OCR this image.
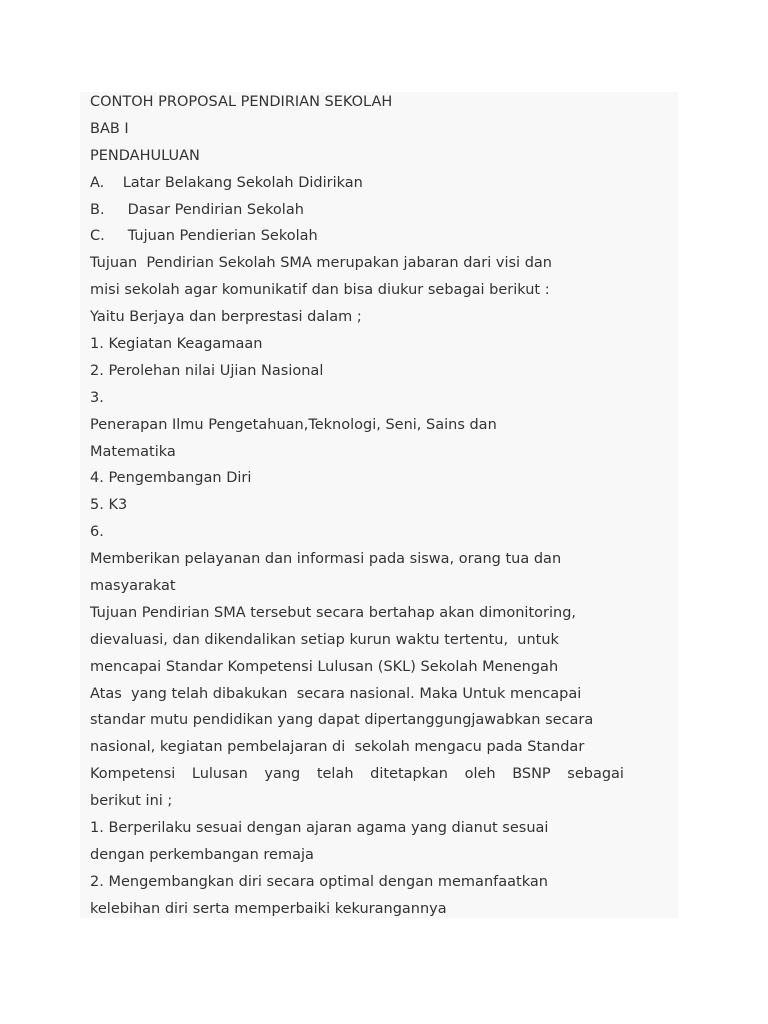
CONTOH PROPOSAL PENDIRIAN SEKOLAH
BAB I
PENDAHULUAN
A.    Latar Belakang Sekolah Didirikan
B.     Dasar Pendirian Sekolah
C.     Tujuan Pendierian Sekolah
Tujuan  Pendirian Sekolah SMA merupakan jabaran dari visi dan
misi sekolah agar komunikatif dan bisa diukur sebagai berikut :
Yaitu Berjaya dan berprestasi dalam ;
1. Kegiatan Keagamaan
2. Perolehan nilai Ujian Nasional
3.
Penerapan Ilmu Pengetahuan,Teknologi, Seni, Sains dan
Matematika
4. Pengembangan Diri
5. K3
6.
Memberikan pelayanan dan informasi pada siswa, orang tua dan
masyarakat
Tujuan Pendirian SMA tersebut secara bertahap akan dimonitoring,
dievaluasi, dan dikendalikan setiap kurun waktu tertentu,  untuk
mencapai Standar Kompetensi Lulusan (SKL) Sekolah Menengah
Atas  yang telah dibakukan  secara nasional. Maka Untuk mencapai
standar mutu pendidikan yang dapat dipertanggungjawabkan secara
nasional, kegiatan pembelajaran di  sekolah mengacu pada Standar
Kompetensi Lulusan yang telah ditetapkan oleh BSNP sebagai
berikut ini ;
1. Berperilaku sesuai dengan ajaran agama yang dianut sesuai
dengan perkembangan remaja
2. Mengembangkan diri secara optimal dengan memanfaatkan
kelebihan diri serta memperbaiki kekurangannya
